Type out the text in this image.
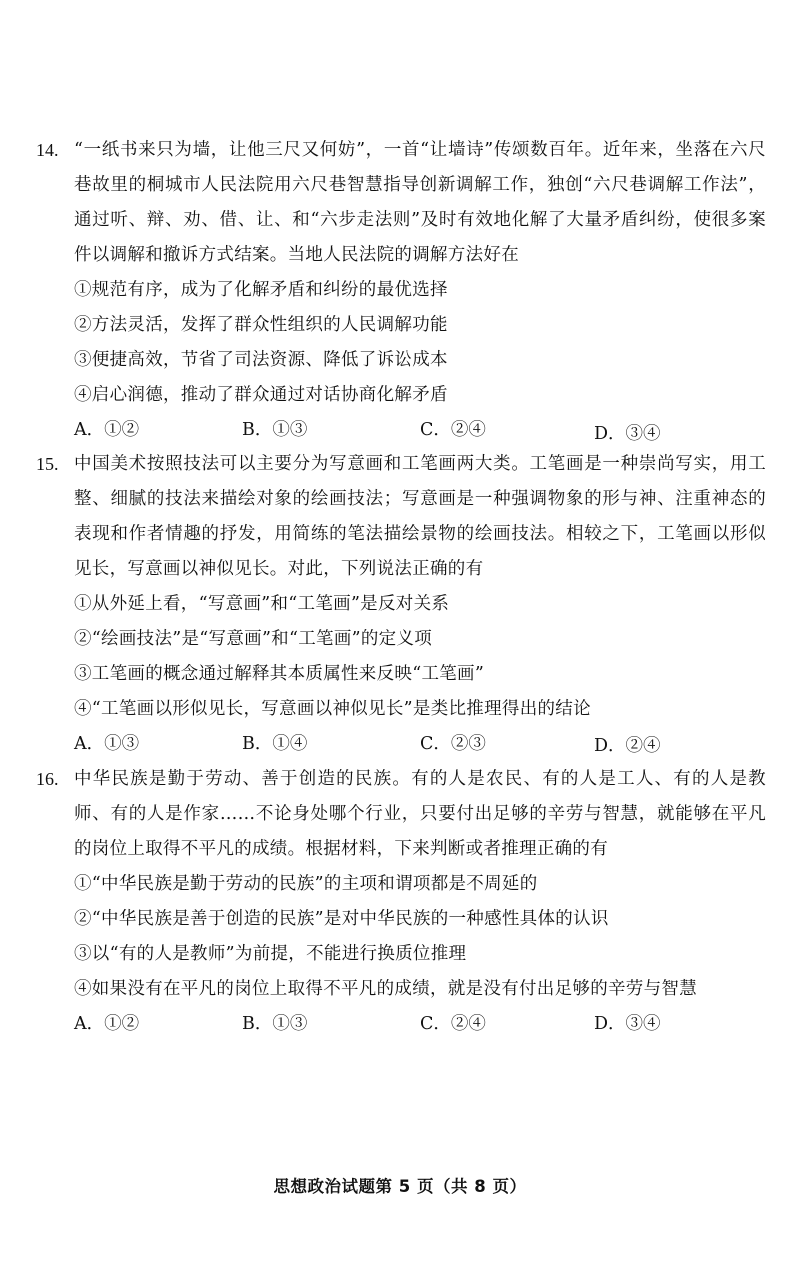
14. “一纸书来只为墙，让他三尺又何妨”，一首“让墙诗”传颂数百年。近年来，坐落在六尺巷故里的桐城市人民法院用六尺巷智慧指导创新调解工作，独创“六尺巷调解工作法”，通过听、辩、劝、借、让、和“六步走法则”及时有效地化解了大量矛盾纠纷，使很多案件以调解和撤诉方式结案。当地人民法院的调解方法好在
①规范有序，成为了化解矛盾和纠纷的最优选择
②方法灵活，发挥了群众性组织的人民调解功能
③便捷高效，节省了司法资源、降低了诉讼成本
④启心润德，推动了群众通过对话协商化解矛盾
A．①②	B．①③	C．②④	D．③④
15. 中国美术按照技法可以主要分为写意画和工笔画两大类。工笔画是一种崇尚写实，用工整、细腻的技法来描绘对象的绘画技法；写意画是一种强调物象的形与神、注重神态的表现和作者情趣的抒发，用简练的笔法描绘景物的绘画技法。相较之下，工笔画以形似见长，写意画以神似见长。对此，下列说法正确的有
①从外延上看，“写意画”和“工笔画”是反对关系
②“绘画技法”是“写意画”和“工笔画”的定义项
③工笔画的概念通过解释其本质属性来反映“工笔画”
④“工笔画以形似见长，写意画以神似见长”是类比推理得出的结论
A．①③	B．①④	C．②③	D．②④
16. 中华民族是勤于劳动、善于创造的民族。有的人是农民、有的人是工人、有的人是教师、有的人是作家……不论身处哪个行业，只要付出足够的辛劳与智慧，就能够在平凡的岗位上取得不平凡的成绩。根据材料，下来判断或者推理正确的有
①“中华民族是勤于劳动的民族”的主项和谓项都是不周延的
②“中华民族是善于创造的民族”是对中华民族的一种感性具体的认识
③以“有的人是教师”为前提，不能进行换质位推理
④如果没有在平凡的岗位上取得不平凡的成绩，就是没有付出足够的辛劳与智慧
A．①②	B．①③	C．②④	D．③④
思想政治试题第 5 页（共 8 页）
